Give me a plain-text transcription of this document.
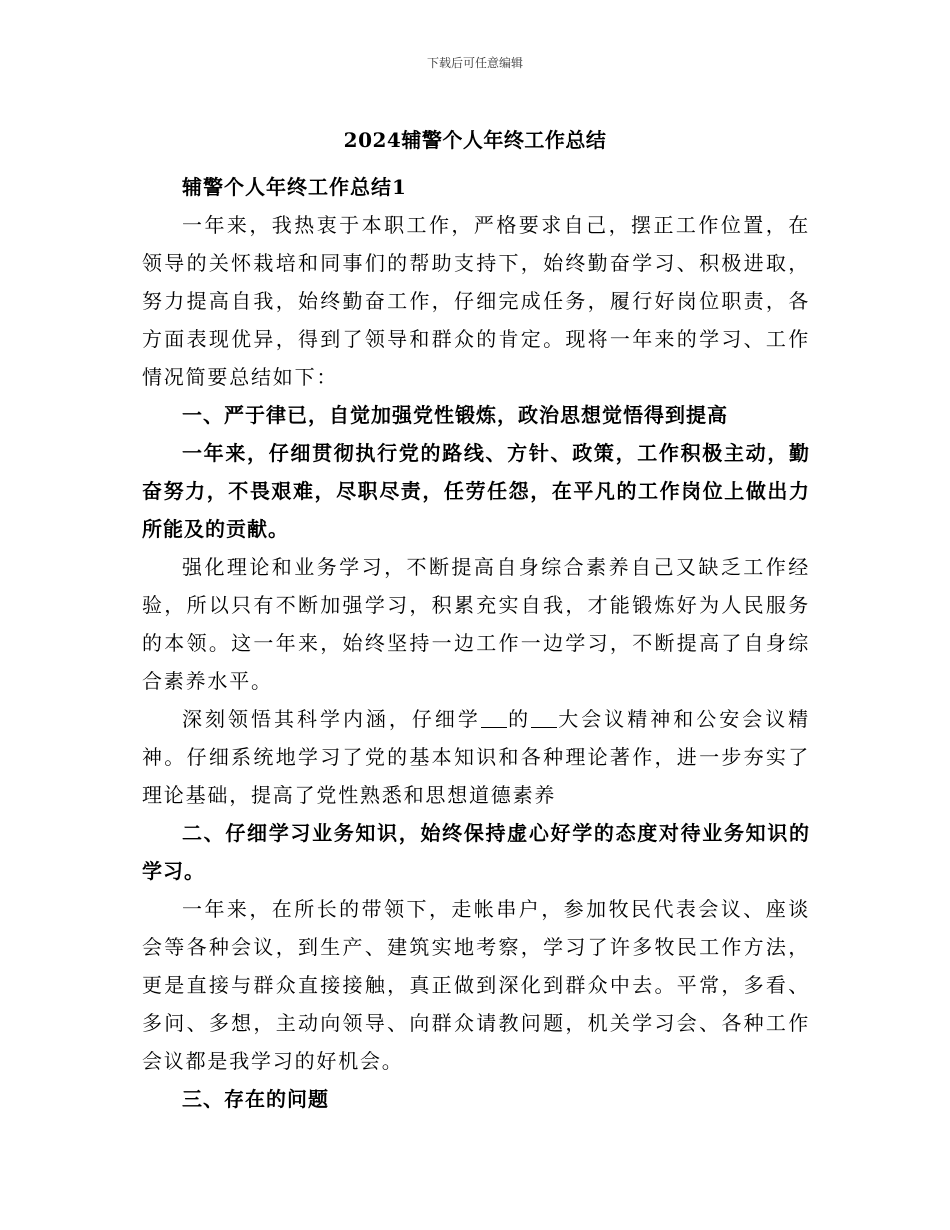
下载后可任意编辑
2024辅警个人年终工作总结

辅警个人年终工作总结1

一年来，我热衷于本职工作，严格要求自己，摆正工作位置，在领导的关怀栽培和同事们的帮助支持下，始终勤奋学习、积极进取，努力提高自我，始终勤奋工作，仔细完成任务，履行好岗位职责，各方面表现优异，得到了领导和群众的肯定。现将一年来的学习、工作情况简要总结如下：

一、严于律已，自觉加强党性锻炼，政治思想觉悟得到提高

一年来，仔细贯彻执行党的路线、方针、政策，工作积极主动，勤奋努力，不畏艰难，尽职尽责，任劳任怨，在平凡的工作岗位上做出力所能及的贡献。

强化理论和业务学习，不断提高自身综合素养自己又缺乏工作经验，所以只有不断加强学习，积累充实自我，才能锻炼好为人民服务的本领。这一年来，始终坚持一边工作一边学习，不断提高了自身综合素养水平。

深刻领悟其科学内涵，仔细学 的 大会议精神和公安会议精神。仔细系统地学习了党的基本知识和各种理论著作，进一步夯实了理论基础，提高了党性熟悉和思想道德素养

二、仔细学习业务知识，始终保持虚心好学的态度对待业务知识的学习。

一年来，在所长的带领下，走帐串户，参加牧民代表会议、座谈会等各种会议，到生产、建筑实地考察，学习了许多牧民工作方法，更是直接与群众直接接触，真正做到深化到群众中去。平常，多看、多问、多想，主动向领导、向群众请教问题，机关学习会、各种工作会议都是我学习的好机会。

三、存在的问题
